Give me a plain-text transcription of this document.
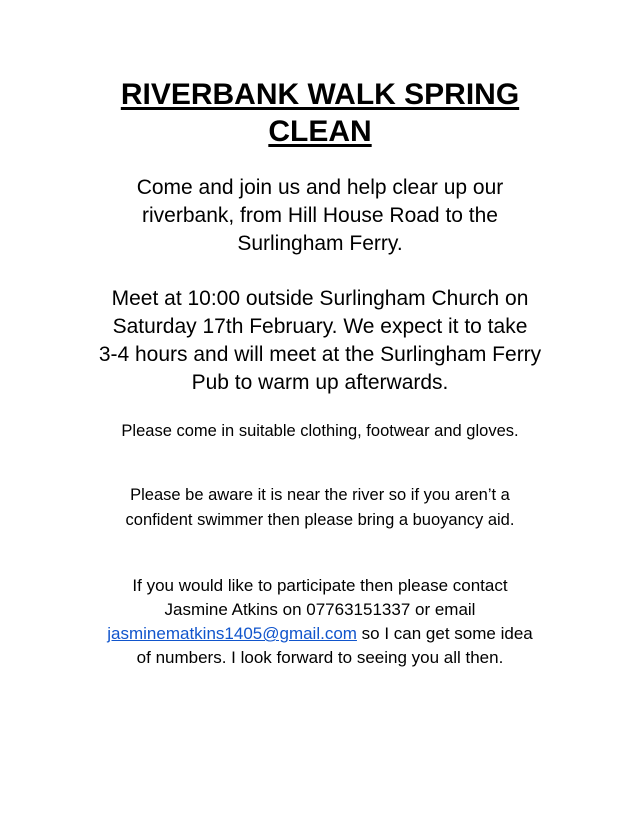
RIVERBANK WALK SPRING
CLEAN
Come and join us and help clear up our
riverbank, from Hill House Road to the
Surlingham Ferry.
Meet at 10:00 outside Surlingham Church on
Saturday 17th February. We expect it to take
3-4 hours and will meet at the Surlingham Ferry
Pub to warm up afterwards.
Please come in suitable clothing, footwear and gloves.
Please be aware it is near the river so if you aren’t a
confident swimmer then please bring a buoyancy aid.
If you would like to participate then please contact
Jasmine Atkins on 07763151337 or email
jasminematkins1405@gmail.com so I can get some idea
of numbers. I look forward to seeing you all then.
